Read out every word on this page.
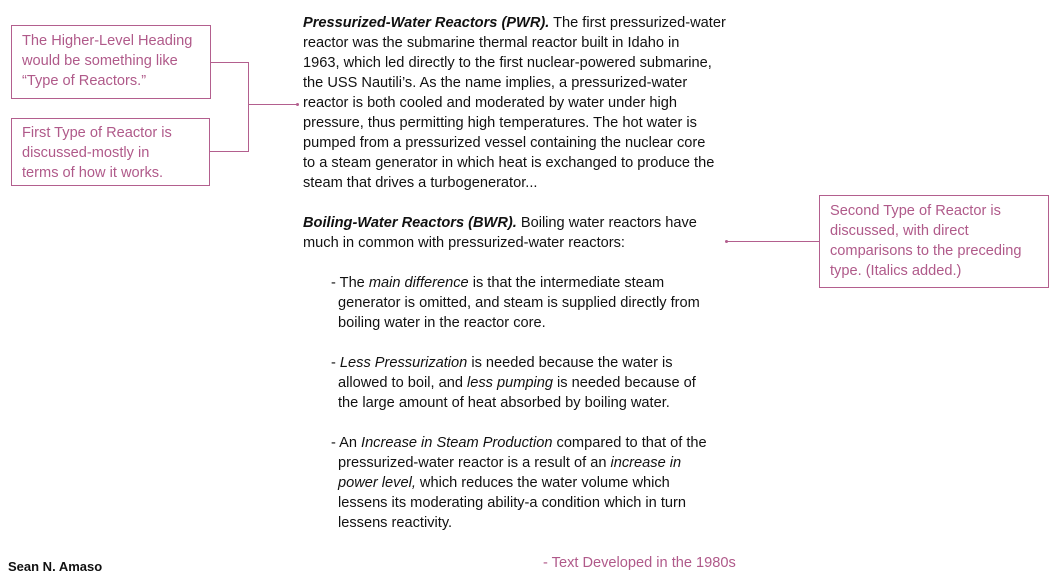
Pressurized-Water Reactors (PWR). The first pressurized-water
reactor was the submarine thermal reactor built in Idaho in
1963, which led directly to the first nuclear-powered submarine,
the USS Nautili’s. As the name implies, a pressurized-water
reactor is both cooled and moderated by water under high
pressure, thus permitting high temperatures. The hot water is
pumped from a pressurized vessel containing the nuclear core
to a steam generator in which heat is exchanged to produce the
steam that drives a turbogenerator...
Boiling-Water Reactors (BWR). Boiling water reactors have
much in common with pressurized-water reactors:
- The main difference is that the intermediate steam
generator is omitted, and steam is supplied directly from
boiling water in the reactor core.
- Less Pressurization is needed because the water is
allowed to boil, and less pumping is needed because of
the large amount of heat absorbed by boiling water.
- An Increase in Steam Production compared to that of the
pressurized-water reactor is a result of an increase in
power level, which reduces the water volume which
lessens its moderating ability-a condition which in turn
lessens reactivity.
The Higher-Level Heading
would be something like
“Type of Reactors.”
First Type of Reactor is
discussed-mostly in
terms of how it works.
Second Type of Reactor is
discussed, with direct
comparisons to the preceding
type. (Italics added.)
Sean N. Amaso	- Text Developed in the 1980s
